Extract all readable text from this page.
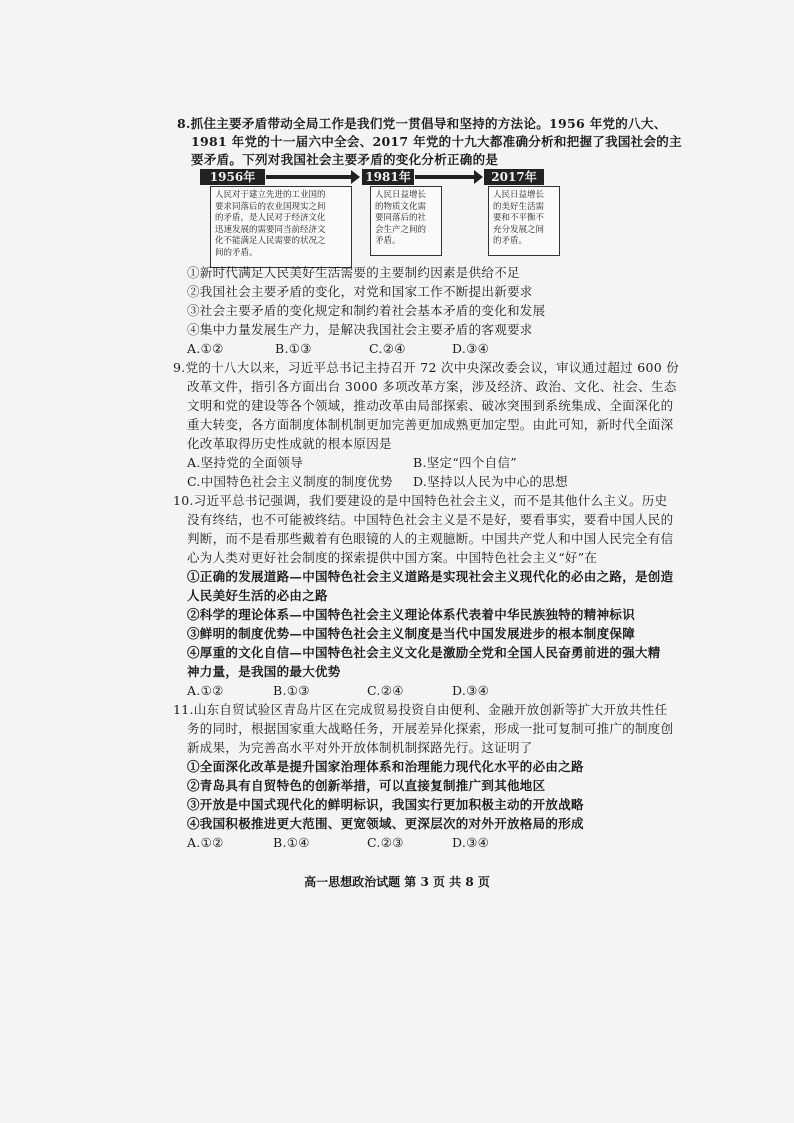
8.抓住主要矛盾带动全局工作是我们党一贯倡导和坚持的方法论。1956 年党的八大、
1981 年党的十一届六中全会、2017 年党的十九大都准确分析和把握了我国社会的主
要矛盾。下列对我国社会主要矛盾的变化分析正确的是
1956年	1981年	2017年
人民对于建立先进的工业国的
要求同落后的农业国现实之间
的矛盾，是人民对于经济文化
迅速发展的需要同当前经济文
化不能满足人民需要的状况之
间的矛盾。
人民日益增长
的物质文化需
要同落后的社
会生产之间的
矛盾。
人民日益增长
的美好生活需
要和不平衡不
充分发展之间
的矛盾。
①新时代满足人民美好生活需要的主要制约因素是供给不足
②我国社会主要矛盾的变化，对党和国家工作不断提出新要求
③社会主要矛盾的变化规定和制约着社会基本矛盾的变化和发展
④集中力量发展生产力，是解决我国社会主要矛盾的客观要求
A.①②	B.①③	C.②④	D.③④
9.党的十八大以来，习近平总书记主持召开 72 次中央深改委会议，审议通过超过 600 份
改革文件，指引各方面出台 3000 多项改革方案，涉及经济、政治、文化、社会、生态
文明和党的建设等各个领域，推动改革由局部探索、破冰突围到系统集成、全面深化的
重大转变，各方面制度体制机制更加完善更加成熟更加定型。由此可知，新时代全面深
化改革取得历史性成就的根本原因是
A.坚持党的全面领导	B.坚定“四个自信”
C.中国特色社会主义制度的制度优势 D.坚持以人民为中心的思想
10.习近平总书记强调，我们要建设的是中国特色社会主义，而不是其他什么主义。历史
没有终结，也不可能被终结。中国特色社会主义是不是好，要看事实，要看中国人民的
判断，而不是看那些戴着有色眼镜的人的主观臆断。中国共产党人和中国人民完全有信
心为人类对更好社会制度的探索提供中国方案。中国特色社会主义“好”在
①正确的发展道路—中国特色社会主义道路是实现社会主义现代化的必由之路，是创造
人民美好生活的必由之路
②科学的理论体系—中国特色社会主义理论体系代表着中华民族独特的精神标识
③鲜明的制度优势—中国特色社会主义制度是当代中国发展进步的根本制度保障
④厚重的文化自信—中国特色社会主义文化是激励全党和全国人民奋勇前进的强大精
神力量，是我国的最大优势
A.①②	B.①③	C.②④	D.③④
11.山东自贸试验区青岛片区在完成贸易投资自由便利、金融开放创新等扩大开放共性任
务的同时，根据国家重大战略任务，开展差异化探索，形成一批可复制可推广的制度创
新成果，为完善高水平对外开放体制机制探路先行。这证明了
①全面深化改革是提升国家治理体系和治理能力现代化水平的必由之路
②青岛具有自贸特色的创新举措，可以直接复制推广到其他地区
③开放是中国式现代化的鲜明标识，我国实行更加积极主动的开放战略
④我国积极推进更大范围、更宽领域、更深层次的对外开放格局的形成
A.①②	B.①④	C.②③	D.③④
高一思想政治试题 第 3 页 共 8 页
